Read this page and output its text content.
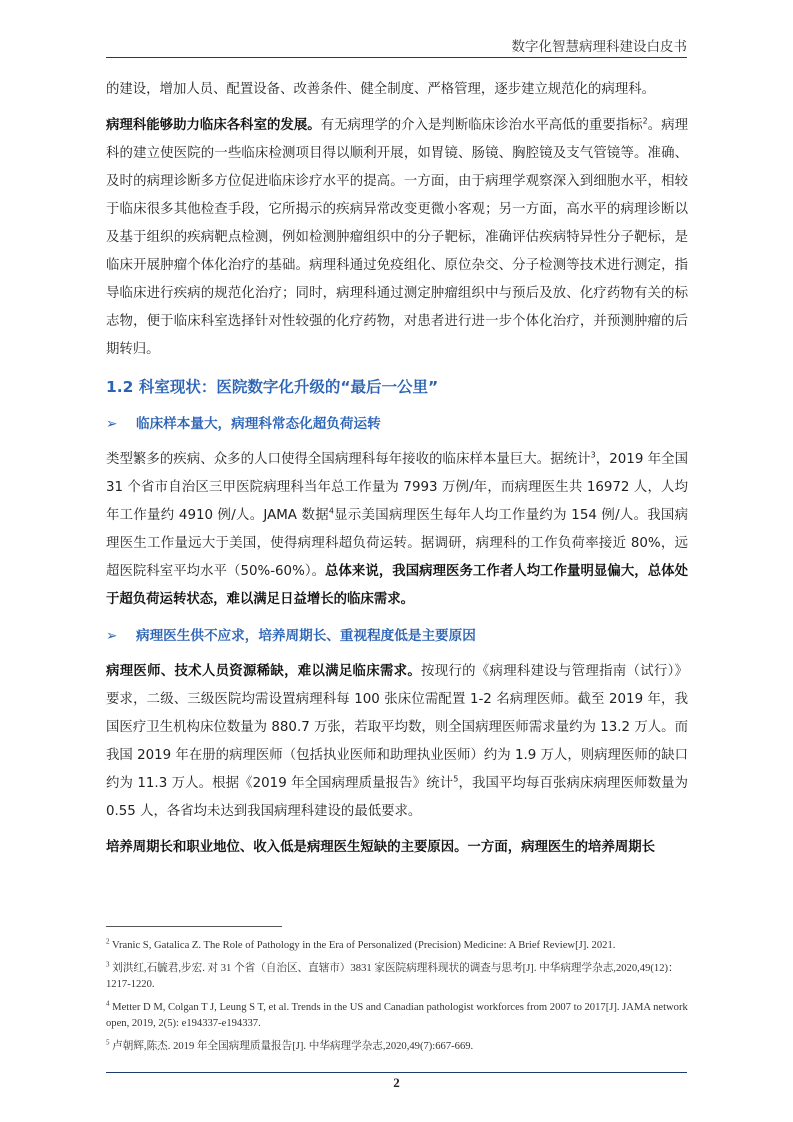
数字化智慧病理科建设白皮书

的建设，增加人员、配置设备、改善条件、健全制度、严格管理，逐步建立规范化的病理科。

病理科能够助力临床各科室的发展。有无病理学的介入是判断临床诊治水平高低的重要指标$^2$。病理科的建立使医院的一些临床检测项目得以顺利开展，如胃镜、肠镜、胸腔镜及支气管镜等。准确、及时的病理诊断多方位促进临床诊疗水平的提高。一方面，由于病理学观察深入到细胞水平，相较于临床很多其他检查手段，它所揭示的疾病异常改变更微小客观；另一方面，高水平的病理诊断以及基于组织的疾病靶点检测，例如检测肿瘤组织中的分子靶标，准确评估疾病特异性分子靶标，是临床开展肿瘤个体化治疗的基础。病理科通过免疫组化、原位杂交、分子检测等技术进行测定，指导临床进行疾病的规范化治疗；同时，病理科通过测定肿瘤组织中与预后及放、化疗药物有关的标志物，便于临床科室选择针对性较强的化疗药物，对患者进行进一步个体化治疗，并预测肿瘤的后期转归。

1.2 科室现状：医院数字化升级的“最后一公里”
➢ 临床样本量大，病理科常态化超负荷运转

类型繁多的疾病、众多的人口使得全国病理科每年接收的临床样本量巨大。据统计$^3$，2019 年全国 31 个省市自治区三甲医院病理科当年总工作量为 7993 万例/年，而病理医生共 16972 人，人均年工作量约 4910 例/人。JAMA 数据$^4$显示美国病理医生每年人均工作量约为 154 例/人。我国病理医生工作量远大于美国，使得病理科超负荷运转。据调研，病理科的工作负荷率接近 80%，远超医院科室平均水平（50%-60%）。总体来说，我国病理医务工作者人均工作量明显偏大，总体处于超负荷运转状态，难以满足日益增长的临床需求。

➢ 病理医生供不应求，培养周期长、重视程度低是主要原因

病理医师、技术人员资源稀缺，难以满足临床需求。按现行的《病理科建设与管理指南（试行）》要求，二级、三级医院均需设置病理科每 100 张床位需配置 1-2 名病理医师。截至 2019 年，我国医疗卫生机构床位数量为 880.7 万张，若取平均数，则全国病理医师需求量约为 13.2 万人。而我国 2019 年在册的病理医师（包括执业医师和助理执业医师）约为 1.9 万人，则病理医师的缺口约为 11.3 万人。根据《2019 年全国病理质量报告》统计$^5$，我国平均每百张病床病理医师数量为 0.55 人，各省均未达到我国病理科建设的最低要求。

培养周期长和职业地位、收入低是病理医生短缺的主要原因。一方面，病理医生的培养周期长

$^2$ Vranic S, Gatalica Z. The Role of Pathology in the Era of Personalized (Precision) Medicine: A Brief Review[J]. 2021.
$^3$ 刘洪红,石毓君,步宏. 对 31 个省（自治区、直辖市）3831 家医院病理科现状的调查与思考[J]. 中华病理学杂志,2020,49(12)：1217-1220.
$^4$ Metter D M, Colgan T J, Leung S T, et al. Trends in the US and Canadian pathologist workforces from 2007 to 2017[J]. JAMA network open, 2019, 2(5): e194337-e194337.
$^5$ 卢朝辉,陈杰. 2019 年全国病理质量报告[J]. 中华病理学杂志,2020,49(7):667-669.
2
